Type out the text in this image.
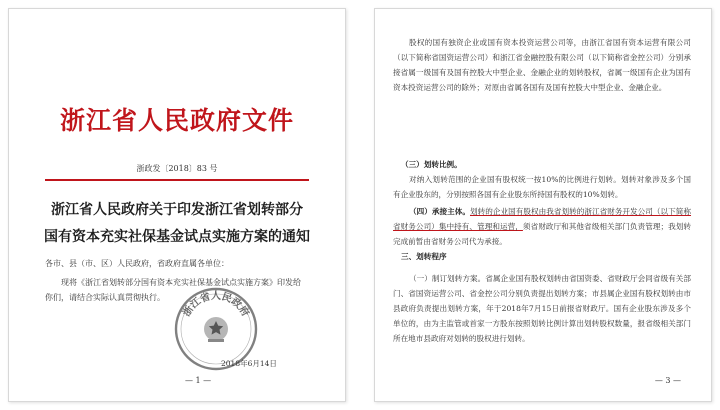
浙江省人民政府文件
浙政发〔2018〕83 号
浙江省人民政府关于印发浙江省划转部分
国有资本充实社保基金试点实施方案的通知
各市、县（市、区）人民政府，省政府直属各单位：

现将《浙江省划转部分国有资本充实社保基金试点实施方案》印发给你们，请结合实际认真贯彻执行。

浙江省人民政府
2018年6月14日
— 1 —

股权的国有独资企业或国有资本投资运营公司等，由浙江省国有资本运营有限公司（以下简称省国资运营公司）和浙江省金融控股有限公司（以下简称省金控公司）分别承接省属一级国有及国有控股大中型企业、金融企业的划转股权，省属一级国有企业为国有资本投资运营公司的除外；对原由省属各国有及国有控股大中型企业、金融企业。

（三）划转比例。

对纳入划转范围的企业国有股权统一按10%的比例进行划转。划转对象涉及多个国有企业股东的，分别按照各国有企业股东所持国有股权的10%划转。

（四）承接主体。划转的企业国有股权由我省划转的浙江省财务开发公司（以下简称省财务公司）集中持有、管理和运营，须省财政厅和其他省级相关部门负责管理；我划转完成前暂由省财务公司代为承接。

三、划转程序

（一）制订划转方案。省属企业国有股权划转由省国资委、省财政厅会同省级有关部门、省国资运营公司、省金控公司分别负责提出划转方案；市县属企业国有股权划转由市县政府负责提出划转方案，年于2018年7月15日前报省财政厅。国有企业股东涉及多个单位的，由为主监管或首家一方股东按照划转比例计算出划转股权数量，报省级相关部门所在地市县政府对划转的股权进行划转。

— 3 —
